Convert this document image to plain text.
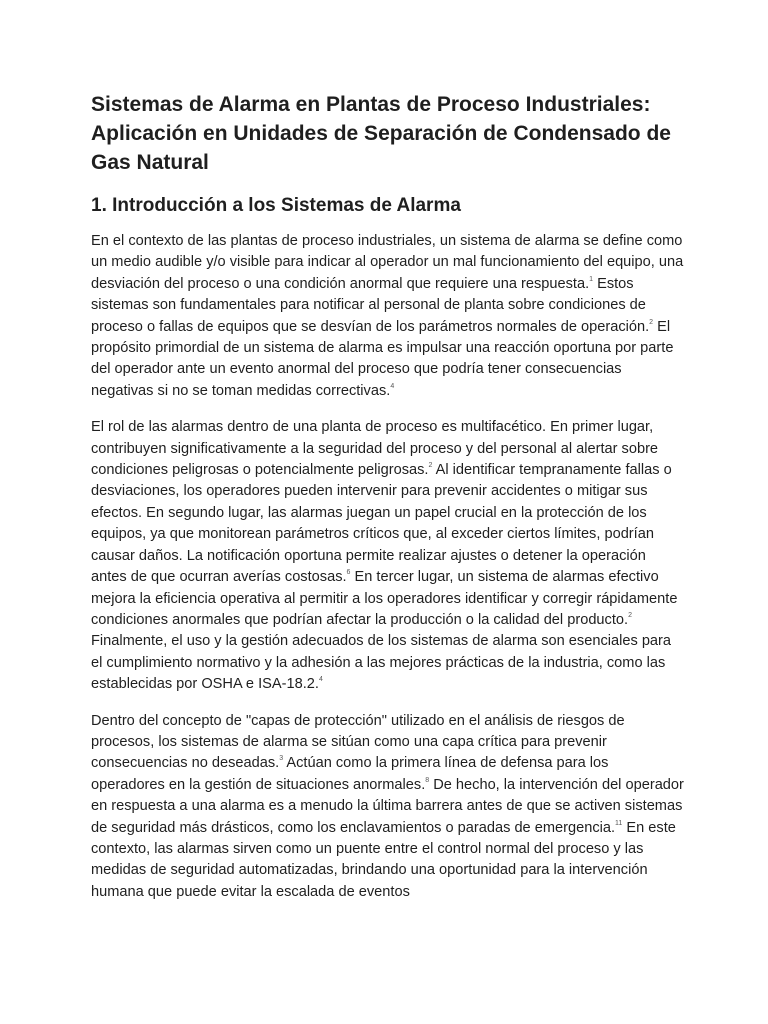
Sistemas de Alarma en Plantas de Proceso Industriales: Aplicación en Unidades de Separación de Condensado de Gas Natural
1. Introducción a los Sistemas de Alarma

En el contexto de las plantas de proceso industriales, un sistema de alarma se define como un medio audible y/o visible para indicar al operador un mal funcionamiento del equipo, una desviación del proceso o una condición anormal que requiere una respuesta.$^1$ Estos sistemas son fundamentales para notificar al personal de planta sobre condiciones de proceso o fallas de equipos que se desvían de los parámetros normales de operación.$^2$ El propósito primordial de un sistema de alarma es impulsar una reacción oportuna por parte del operador ante un evento anormal del proceso que podría tener consecuencias negativas si no se toman medidas correctivas.$^4$

El rol de las alarmas dentro de una planta de proceso es multifacético. En primer lugar, contribuyen significativamente a la seguridad del proceso y del personal al alertar sobre condiciones peligrosas o potencialmente peligrosas.$^2$ Al identificar tempranamente fallas o desviaciones, los operadores pueden intervenir para prevenir accidentes o mitigar sus efectos. En segundo lugar, las alarmas juegan un papel crucial en la protección de los equipos, ya que monitorean parámetros críticos que, al exceder ciertos límites, podrían causar daños. La notificación oportuna permite realizar ajustes o detener la operación antes de que ocurran averías costosas.$^6$ En tercer lugar, un sistema de alarmas efectivo mejora la eficiencia operativa al permitir a los operadores identificar y corregir rápidamente condiciones anormales que podrían afectar la producción o la calidad del producto.$^2$ Finalmente, el uso y la gestión adecuados de los sistemas de alarma son esenciales para el cumplimiento normativo y la adhesión a las mejores prácticas de la industria, como las establecidas por OSHA e ISA-18.2.$^4$

Dentro del concepto de "capas de protección" utilizado en el análisis de riesgos de procesos, los sistemas de alarma se sitúan como una capa crítica para prevenir consecuencias no deseadas.$^3$ Actúan como la primera línea de defensa para los operadores en la gestión de situaciones anormales.$^8$ De hecho, la intervención del operador en respuesta a una alarma es a menudo la última barrera antes de que se activen sistemas de seguridad más drásticos, como los enclavamientos o paradas de emergencia.$^{11}$ En este contexto, las alarmas sirven como un puente entre el control normal del proceso y las medidas de seguridad automatizadas, brindando una oportunidad para la intervención humana que puede evitar la escalada de eventos
